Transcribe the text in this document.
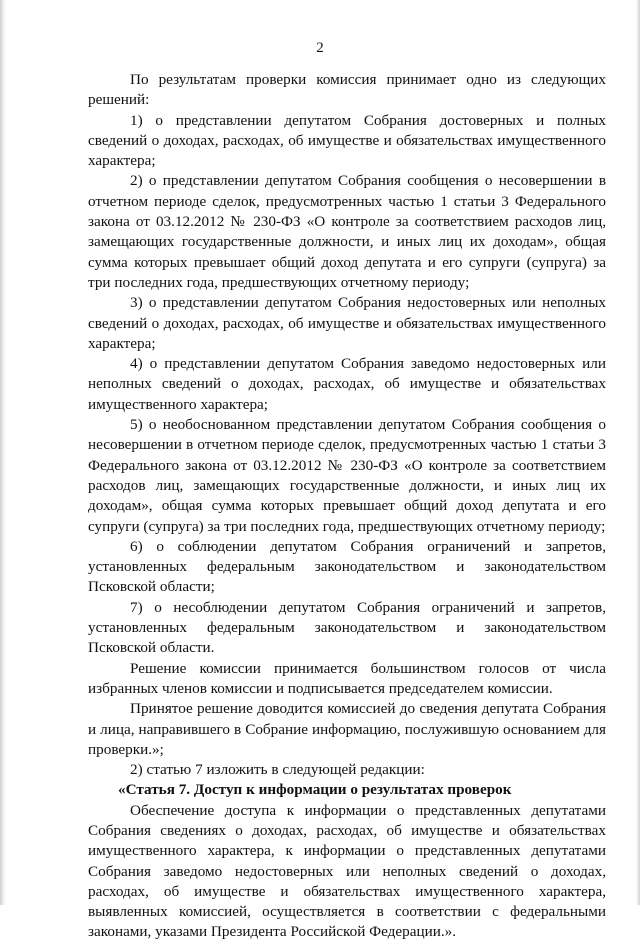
2

По результатам проверки комиссия принимает одно из следующих решений:

1) о представлении депутатом Собрания достоверных и полных сведений о доходах, расходах, об имуществе и обязательствах имущественного характера;

2) о представлении депутатом Собрания сообщения о несовершении в отчетном периоде сделок, предусмотренных частью 1 статьи 3 Федерального закона от 03.12.2012 № 230-ФЗ «О контроле за соответствием расходов лиц, замещающих государственные должности, и иных лиц их доходам», общая сумма которых превышает общий доход депутата и его супруги (супруга) за три последних года, предшествующих отчетному периоду;

3) о представлении депутатом Собрания недостоверных или неполных сведений о доходах, расходах, об имуществе и обязательствах имущественного характера;

4) о представлении депутатом Собрания заведомо недостоверных или неполных сведений о доходах, расходах, об имуществе и обязательствах имущественного характера;

5) о необоснованном представлении депутатом Собрания сообщения о несовершении в отчетном периоде сделок, предусмотренных частью 1 статьи 3 Федерального закона от 03.12.2012 № 230-ФЗ «О контроле за соответствием расходов лиц, замещающих государственные должности, и иных лиц их доходам», общая сумма которых превышает общий доход депутата и его супруги (супруга) за три последних года, предшествующих отчетному периоду;

6) о соблюдении депутатом Собрания ограничений и запретов, установленных федеральным законодательством и законодательством Псковской области;

7) о несоблюдении депутатом Собрания ограничений и запретов, установленных федеральным законодательством и законодательством Псковской области.

Решение комиссии принимается большинством голосов от числа избранных членов комиссии и подписывается председателем комиссии.

Принятое решение доводится комиссией до сведения депутата Собрания и лица, направившего в Собрание информацию, послужившую основанием для проверки.»;

2) статью 7 изложить в следующей редакции:

«Статья 7. Доступ к информации о результатах проверок

Обеспечение доступа к информации о представленных депутатами Собрания сведениях о доходах, расходах, об имуществе и обязательствах имущественного характера, к информации о представленных депутатами Собрания заведомо недостоверных или неполных сведений о доходах, расходах, об имуществе и обязательствах имущественного характера, выявленных комиссией, осуществляется в соответствии с федеральными законами, указами Президента Российской Федерации.».
